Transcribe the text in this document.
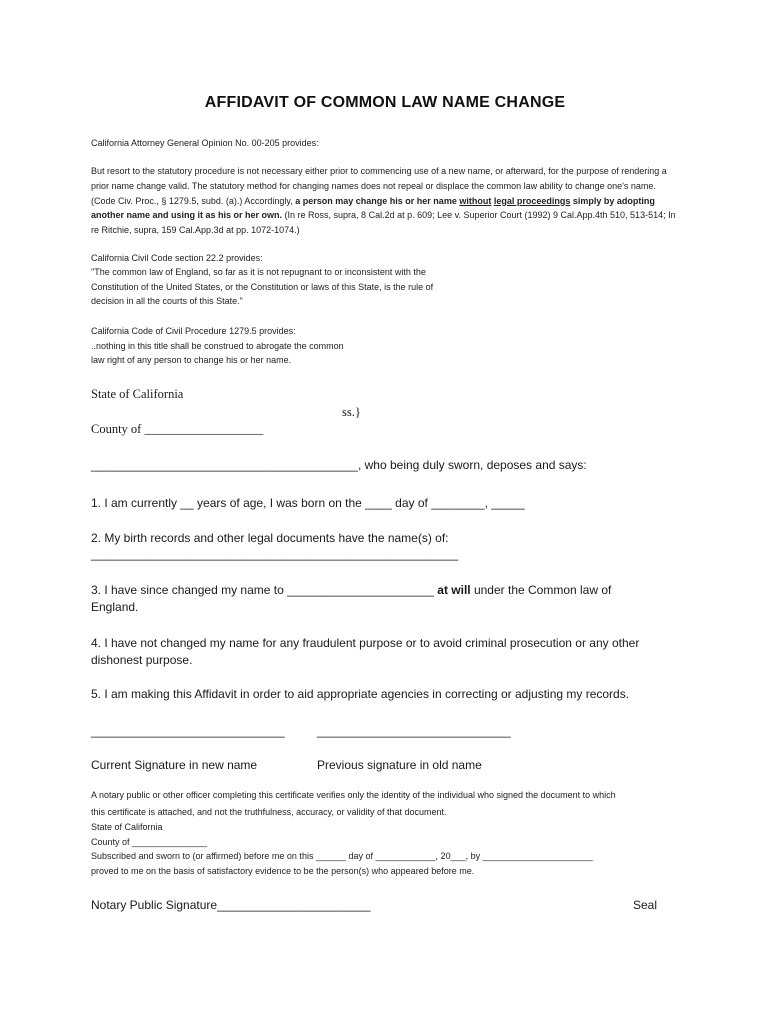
AFFIDAVIT OF COMMON LAW NAME CHANGE

California Attorney General Opinion No. 00-205 provides:

But resort to the statutory procedure is not necessary either prior to commencing use of a new name, or afterward, for the purpose of rendering a prior name change valid. The statutory method for changing names does not repeal or displace the common law ability to change one's name. (Code Civ. Proc., § 1279.5, subd. (a).) Accordingly, a person may change his or her name without legal proceedings simply by adopting another name and using it as his or her own. (In re Ross, supra, 8 Cal.2d at p. 609; Lee v. Superior Court (1992) 9 Cal.App.4th 510, 513-514; In re Ritchie, supra, 159 Cal.App.3d at pp. 1072-1074.)

California Civil Code section 22.2 provides:

"The common law of England, so far as it is not repugnant to or inconsistent with the

Constitution of the United States, or the Constitution or laws of this State, is the rule of

decision in all the courts of this State."

California Code of Civil Procedure 1279.5 provides:

..nothing in this title shall be construed to abrogate the common

law right of any person to change his or her name.

State of California

ss.}

County of ___________________

________________________________________, who being duly sworn, deposes and says:

1. I am currently __ years of age, I was born on the ____ day of ________, _____

2. My birth records and other legal documents have the name(s) of:

_______________________________________________________

3. I have since changed my name to ______________________ at will under the Common law of

England.

4. I have not changed my name for any fraudulent purpose or to avoid criminal prosecution or any other

dishonest purpose.

5. I am making this Affidavit in order to aid appropriate agencies in correcting or adjusting my records.

_____________________________	_____________________________

Current Signature in new name	Previous signature in old name

A notary public or other officer completing this certificate verifies only the identity of the individual who signed the document to which

this certificate is attached, and not the truthfulness, accuracy, or validity of that document.

State of California

County of _______________

Subscribed and sworn to (or affirmed) before me on this ______ day of ____________, 20___, by ______________________

proved to me on the basis of satisfactory evidence to be the person(s) who appeared before me.

Notary Public Signature_______________________	Seal
